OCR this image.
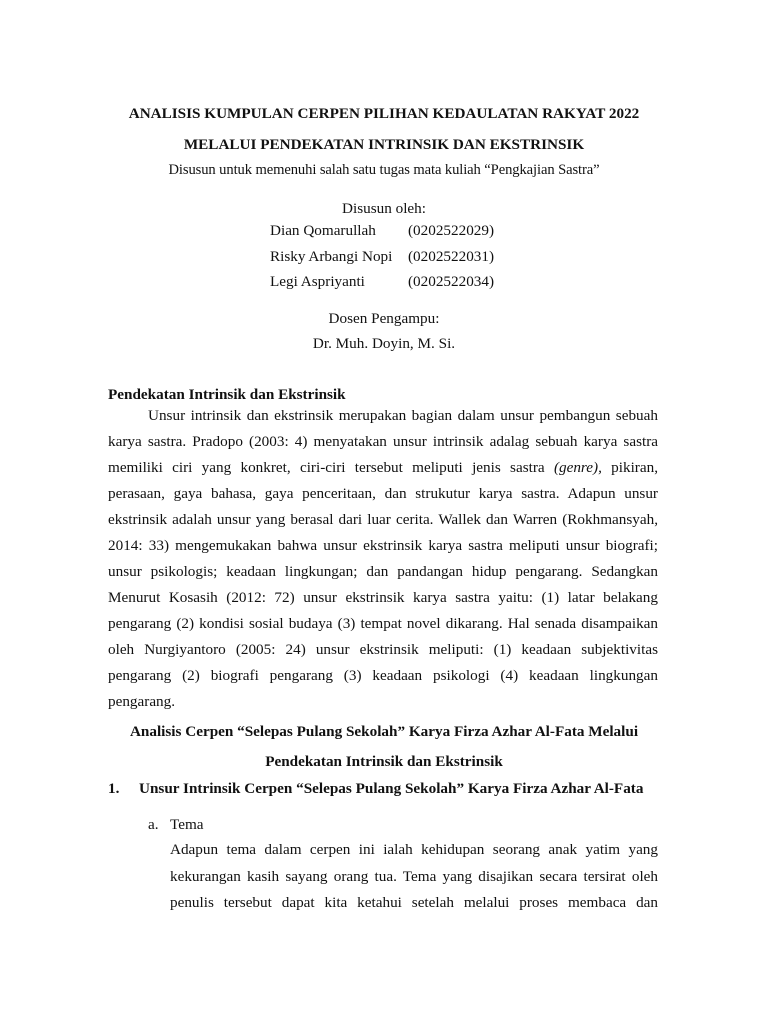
ANALISIS KUMPULAN CERPEN PILIHAN KEDAULATAN RAKYAT 2022
MELALUI PENDEKATAN INTRINSIK DAN EKSTRINSIK
Disusun untuk memenuhi salah satu tugas mata kuliah “Pengkajian Sastra”
Disusun oleh:
Dian Qomarullah	(0202522029)
Risky Arbangi Nopi	(0202522031)
Legi Aspriyanti	(0202522034)
Dosen Pengampu:
Dr. Muh. Doyin, M. Si.
Pendekatan Intrinsik dan Ekstrinsik
Unsur intrinsik dan ekstrinsik merupakan bagian dalam unsur pembangun sebuah karya sastra. Pradopo (2003: 4) menyatakan unsur intrinsik adalag sebuah karya sastra memiliki ciri yang konkret, ciri-ciri tersebut meliputi jenis sastra (genre), pikiran, perasaan, gaya bahasa, gaya penceritaan, dan strukutur karya sastra. Adapun unsur ekstrinsik adalah unsur yang berasal dari luar cerita. Wallek dan Warren (Rokhmansyah, 2014: 33) mengemukakan bahwa unsur ekstrinsik karya sastra meliputi unsur biografi; unsur psikologis; keadaan lingkungan; dan pandangan hidup pengarang. Sedangkan Menurut Kosasih (2012: 72) unsur ekstrinsik karya sastra yaitu: (1) latar belakang pengarang (2) kondisi sosial budaya (3) tempat novel dikarang. Hal senada disampaikan oleh Nurgiyantoro (2005: 24) unsur ekstrinsik meliputi: (1) keadaan subjektivitas pengarang (2) biografi pengarang (3) keadaan psikologi (4) keadaan lingkungan pengarang.
Analisis Cerpen “Selepas Pulang Sekolah” Karya Firza Azhar Al-Fata Melalui
Pendekatan Intrinsik dan Ekstrinsik
1. Unsur Intrinsik Cerpen “Selepas Pulang Sekolah” Karya Firza Azhar Al-Fata
a. Tema
Adapun tema dalam cerpen ini ialah kehidupan seorang anak yatim yang kekurangan kasih sayang orang tua. Tema yang disajikan secara tersirat oleh penulis tersebut dapat kita ketahui setelah melalui proses membaca dan
